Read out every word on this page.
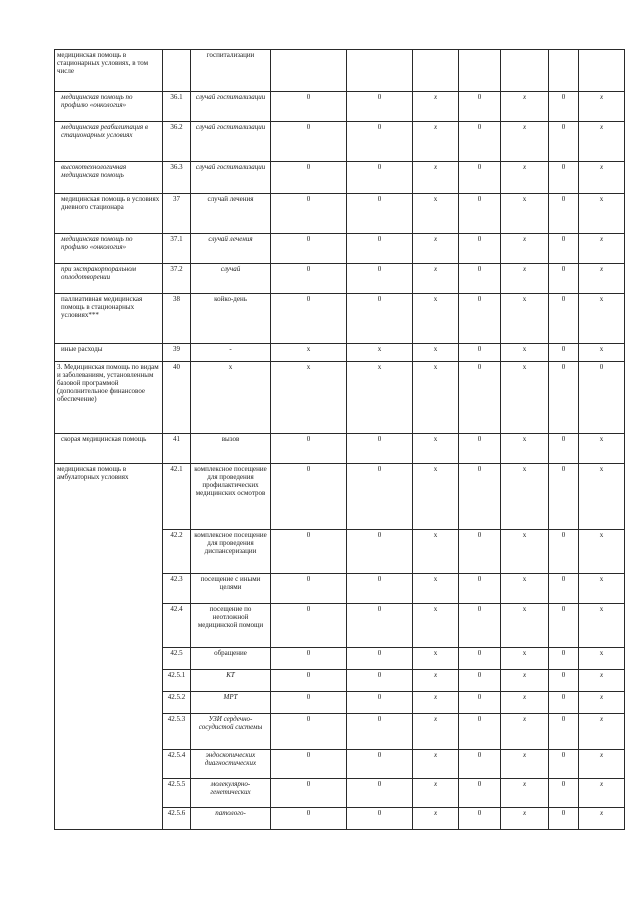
медицинская помощь в стационарных условиях, в том числе		госпитализации							
медицинская помощь по профилю «онкология»	36.1	случай госпитализации	0	0	x	0	x	0	x
медицинская реабилитация в стационарных условиях	36.2	случай госпитализации	0	0	x	0	x	0	x
высокотехнологичная медицинская помощь	36.3	случай госпитализации	0	0	x	0	x	0	x
медицинская помощь в условиях дневного стационара	37	случай лечения	0	0	x	0	x	0	x
медицинская помощь по профилю «онкология»	37.1	случай лечения	0	0	x	0	x	0	x
при экстракорпоральном оплодотворении	37.2	случай	0	0	x	0	x	0	x
паллиативная медицинская помощь в стационарных условиях***	38	койко-день	0	0	x	0	x	0	x
иные расходы	39	-	x	x	x	0	x	0	x
3. Медицинская помощь по видам и заболеваниям, установленным базовой программой (дополнительное финансовое обеспечение)	40	x	x	x	x	0	x	0	0
скорая медицинская помощь	41	вызов	0	0	x	0	x	0	x
медицинская помощь в амбулаторных условиях	42.1	комплексное посещение для проведения профилактических медицинских осмотров	0	0	x	0	x	0	x
	42.2	комплексное посещение для проведения диспансеризации	0	0	x	0	x	0	x
	42.3	посещение с иными целями	0	0	x	0	x	0	x
	42.4	посещение по неотложной медицинской помощи	0	0	x	0	x	0	x
	42.5	обращение	0	0	x	0	x	0	x
	42.5.1	КТ	0	0	x	0	x	0	x
	42.5.2	МРТ	0	0	x	0	x	0	x
	42.5.3	УЗИ сердечно-сосудистой системы	0	0	x	0	x	0	x
	42.5.4	эндоскопических диагностических	0	0	x	0	x	0	x
	42.5.5	молекулярно-генетических	0	0	x	0	x	0	x
	42.5.6	патолого-	0	0	x	0	x	0	x
